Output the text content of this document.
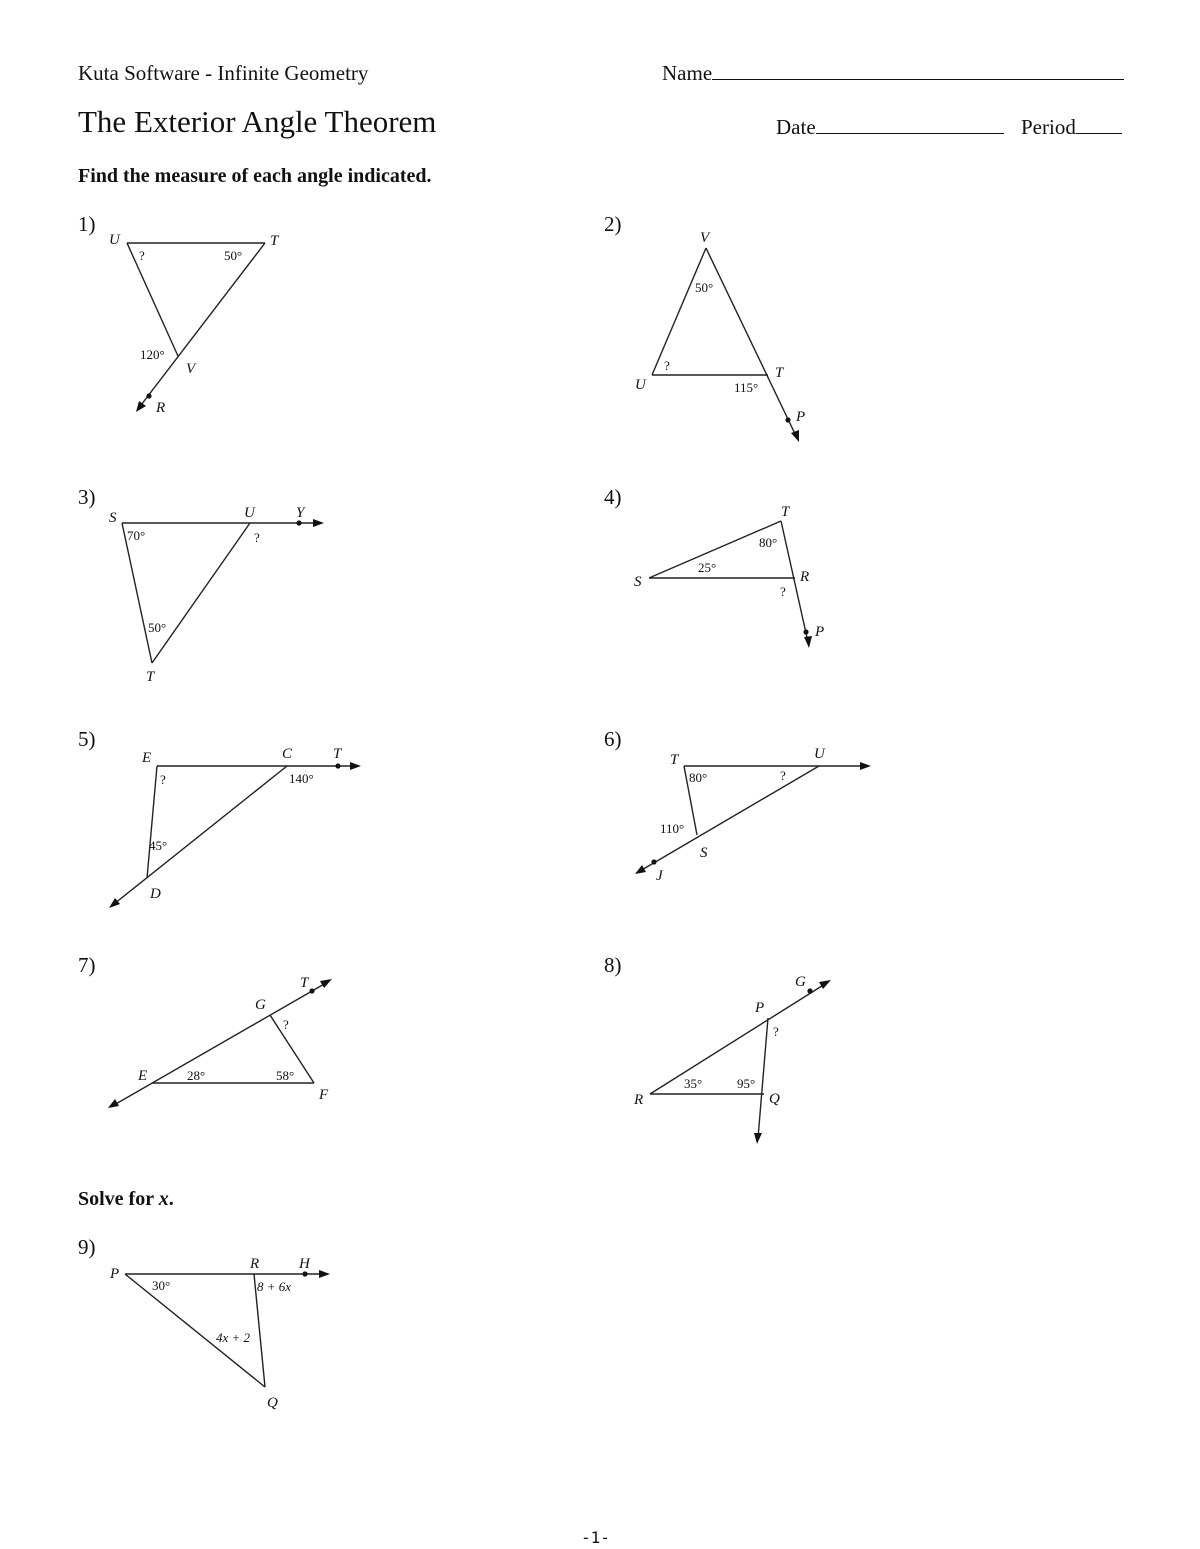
Kuta Software - Infinite Geometry	Name
The Exterior Angle Theorem	Date	Period
Find the measure of each angle indicated.
Solve for x.
1)	2)
3)	4)
5)	6)
7)	8)
9)
U	T
V
R
?	50°
120°
V
U
T
P
50°
?
115°
S	U	Y
T
70°	?
50°
T
S	R
P
80°
25°
?
E	C	T
D
?	140°
45°
T	U
S
J
80°	?
110°
T
G
E
F
?
28°	58°
G
P
R	Q
?
35°	95°
P
R	H
Q
30°	8 + 6x
4x + 2
-1-
